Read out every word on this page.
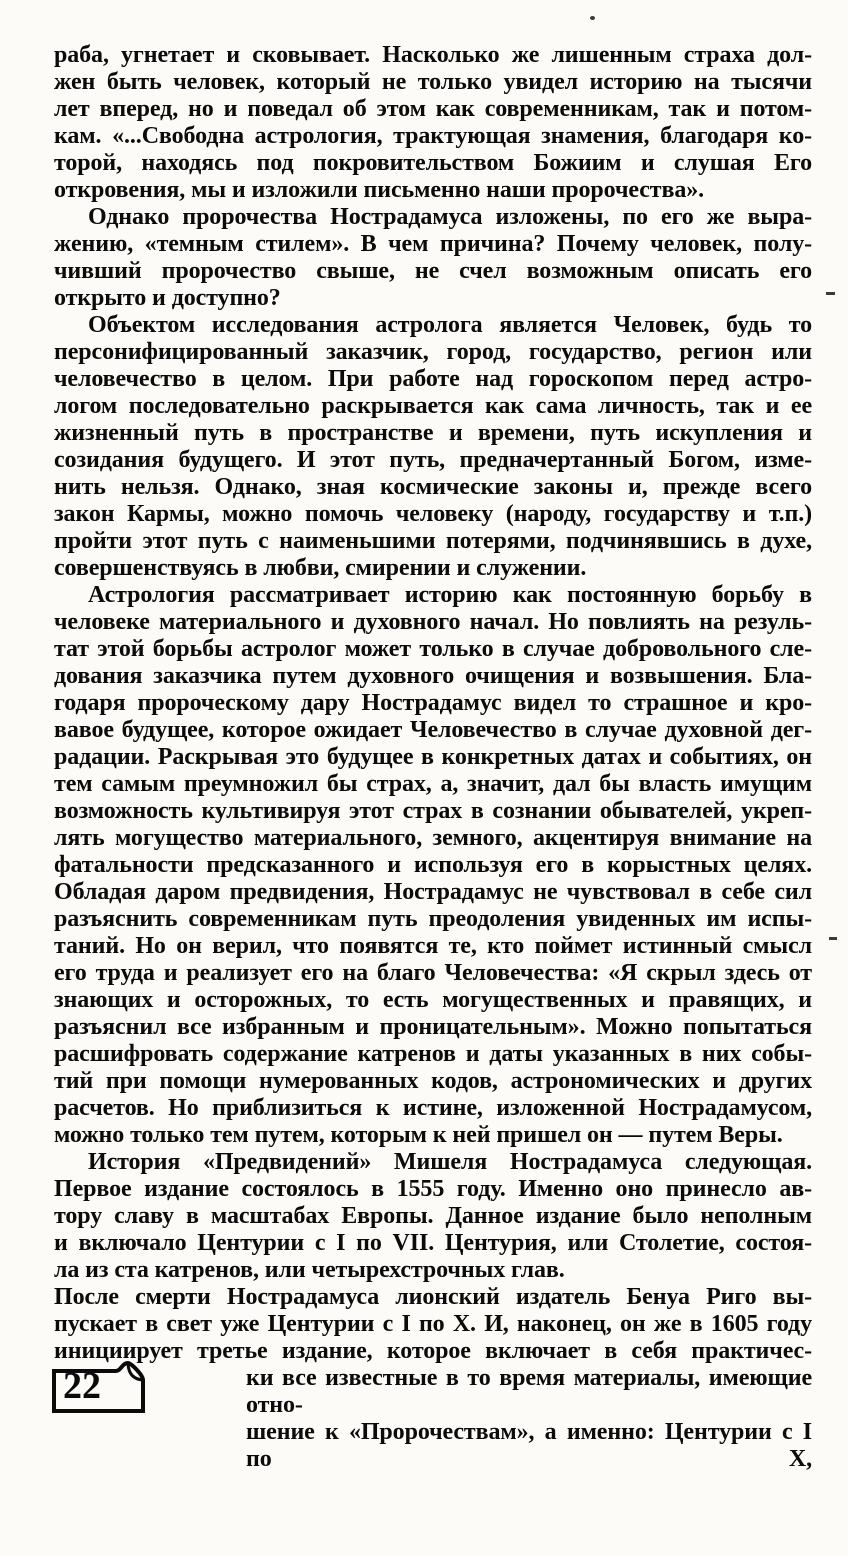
раба, угнетает и сковывает. Насколько же лишенным страха дол-
жен быть человек, который не только увидел историю на тысячи
лет вперед, но и поведал об этом как современникам, так и потом-
кам. «...Свободна астрология, трактующая знамения, благодаря ко-
торой, находясь под покровительством Божиим и слушая Его
откровения, мы и изложили письменно наши пророчества».
Однако пророчества Нострадамуса изложены, по его же выра-
жению, «темным стилем». В чем причина? Почему человек, полу-
чивший пророчество свыше, не счел возможным описать его
открыто и доступно?
Объектом исследования астролога является Человек, будь то
персонифицированный заказчик, город, государство, регион или
человечество в целом. При работе над гороскопом перед астро-
логом последовательно раскрывается как сама личность, так и ее
жизненный путь в пространстве и времени, путь искупления и
созидания будущего. И этот путь, предначертанный Богом, изме-
нить нельзя. Однако, зная космические законы и, прежде всего
закон Кармы, можно помочь человеку (народу, государству и т.п.)
пройти этот путь с наименьшими потерями, подчинявшись в духе,
совершенствуясь в любви, смирении и служении.
Астрология рассматривает историю как постоянную борьбу в
человеке материального и духовного начал. Но повлиять на резуль-
тат этой борьбы астролог может только в случае добровольного сле-
дования заказчика путем духовного очищения и возвышения. Бла-
годаря пророческому дару Нострадамус видел то страшное и кро-
вавое будущее, которое ожидает Человечество в случае духовной дег-
радации. Раскрывая это будущее в конкретных датах и событиях, он
тем самым преумножил бы страх, а, значит, дал бы власть имущим
возможность культивируя этот страх в сознании обывателей, укреп-
лять могущество материального, земного, акцентируя внимание на
фатальности предсказанного и используя его в корыстных целях.
Обладая даром предвидения, Нострадамус не чувствовал в себе сил
разъяснить современникам путь преодоления увиденных им испы-
таний. Но он верил, что появятся те, кто поймет истинный смысл
его труда и реализует его на благо Человечества: «Я скрыл здесь от
знающих и осторожных, то есть могущественных и правящих, и
разъяснил все избранным и проницательным». Можно попытаться
расшифровать содержание катренов и даты указанных в них собы-
тий при помощи нумерованных кодов, астрономических и других
расчетов. Но приблизиться к истине, изложенной Нострадамусом,
можно только тем путем, которым к ней пришел он — путем Веры.
История «Предвидений» Мишеля Нострадамуса следующая.
Первое издание состоялось в 1555 году. Именно оно принесло ав-
тору славу в масштабах Европы. Данное издание было неполным
и включало Центурии с I по VII. Центурия, или Столетие, состоя-
ла из ста катренов, или четырехстрочных глав.
После смерти Нострадамуса лионский издатель Бенуа Риго вы-
пускает в свет уже Центурии с I по X. И, наконец, он же в 1605 году
инициирует третье издание, которое включает в себя практичес-
ки все известные в то время материалы, имеющие отно-
шение к «Пророчествам», а именно: Центурии с I по X,
22
